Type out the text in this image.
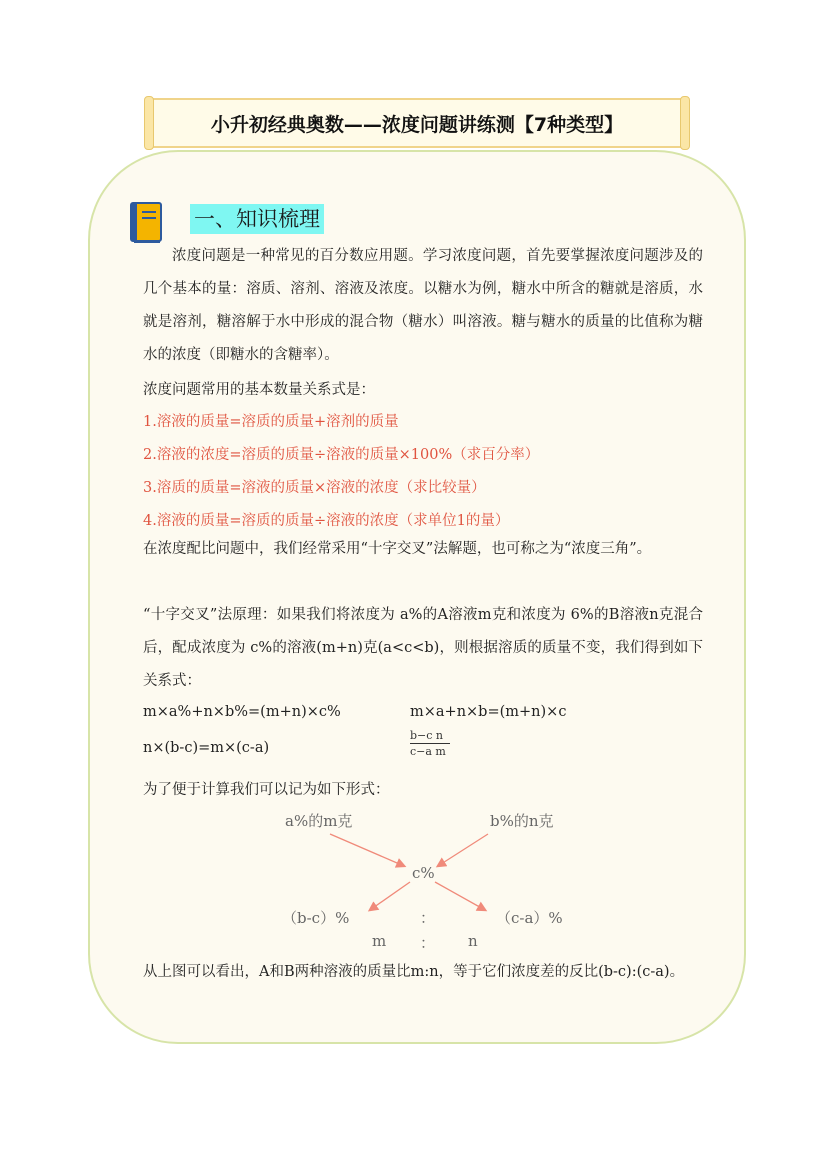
小升初经典奥数——浓度问题讲练测【7种类型】
一、知识梳理
浓度问题是一种常见的百分数应用题。学习浓度问题，首先要掌握浓度问题涉及的几个基本的量：溶质、溶剂、溶液及浓度。以糖水为例，糖水中所含的糖就是溶质，水就是溶剂，糖溶解于水中形成的混合物（糖水）叫溶液。糖与糖水的质量的比值称为糖水的浓度（即糖水的含糖率）。
浓度问题常用的基本数量关系式是：
1.溶液的质量=溶质的质量+溶剂的质量
2.溶液的浓度=溶质的质量÷溶液的质量×100%（求百分率）
3.溶质的质量=溶液的质量×溶液的浓度（求比较量）
4.溶液的质量=溶质的质量÷溶液的浓度（求单位1的量）
在浓度配比问题中，我们经常采用“十字交叉”法解题，也可称之为“浓度三角”。
“十字交叉”法原理：如果我们将浓度为 a%的A溶液m克和浓度为 6%的B溶液n克混合后，配成浓度为 c%的溶液(m+n)克(a<c<b)，则根据溶质的质量不变，我们得到如下关系式：
m×a%+n×b%=(m+n)×c%	m×a+n×b=(m+n)×c
n×(b-c)=m×(c-a)
b−c n
c−a m
为了便于计算我们可以记为如下形式：
a%的m克	b%的n克
c%
（b-c）%	：	（c-a）%
m ： n
从上图可以看出，A和B两种溶液的质量比m:n，等于它们浓度差的反比(b-c):(c-a)。
